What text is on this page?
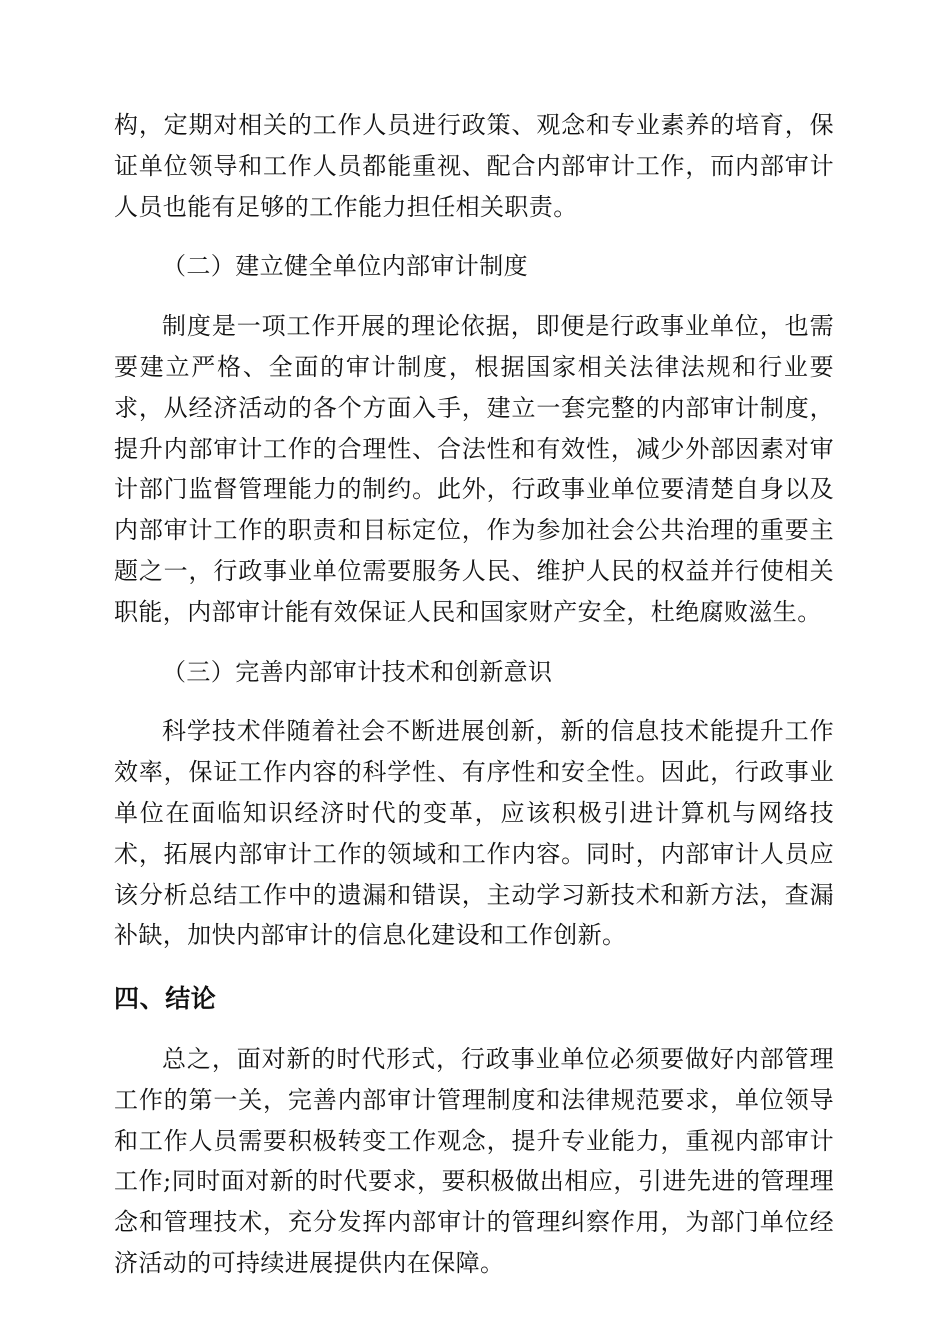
构，定期对相关的工作人员进行政策、观念和专业素养的培育，保证单位领导和工作人员都能重视、配合内部审计工作，而内部审计人员也能有足够的工作能力担任相关职责。

（二）建立健全单位内部审计制度

制度是一项工作开展的理论依据，即便是行政事业单位，也需要建立严格、全面的审计制度，根据国家相关法律法规和行业要求，从经济活动的各个方面入手，建立一套完整的内部审计制度，提升内部审计工作的合理性、合法性和有效性，减少外部因素对审计部门监督管理能力的制约。此外，行政事业单位要清楚自身以及内部审计工作的职责和目标定位，作为参加社会公共治理的重要主题之一，行政事业单位需要服务人民、维护人民的权益并行使相关职能，内部审计能有效保证人民和国家财产安全，杜绝腐败滋生。

（三）完善内部审计技术和创新意识

科学技术伴随着社会不断进展创新，新的信息技术能提升工作效率，保证工作内容的科学性、有序性和安全性。因此，行政事业单位在面临知识经济时代的变革，应该积极引进计算机与网络技术，拓展内部审计工作的领域和工作内容。同时，内部审计人员应该分析总结工作中的遗漏和错误，主动学习新技术和新方法，查漏补缺，加快内部审计的信息化建设和工作创新。

四、结论

总之，面对新的时代形式，行政事业单位必须要做好内部管理工作的第一关，完善内部审计管理制度和法律规范要求，单位领导和工作人员需要积极转变工作观念，提升专业能力，重视内部审计工作;同时面对新的时代要求，要积极做出相应，引进先进的管理理念和管理技术，充分发挥内部审计的管理纠察作用，为部门单位经济活动的可持续进展提供内在保障。
